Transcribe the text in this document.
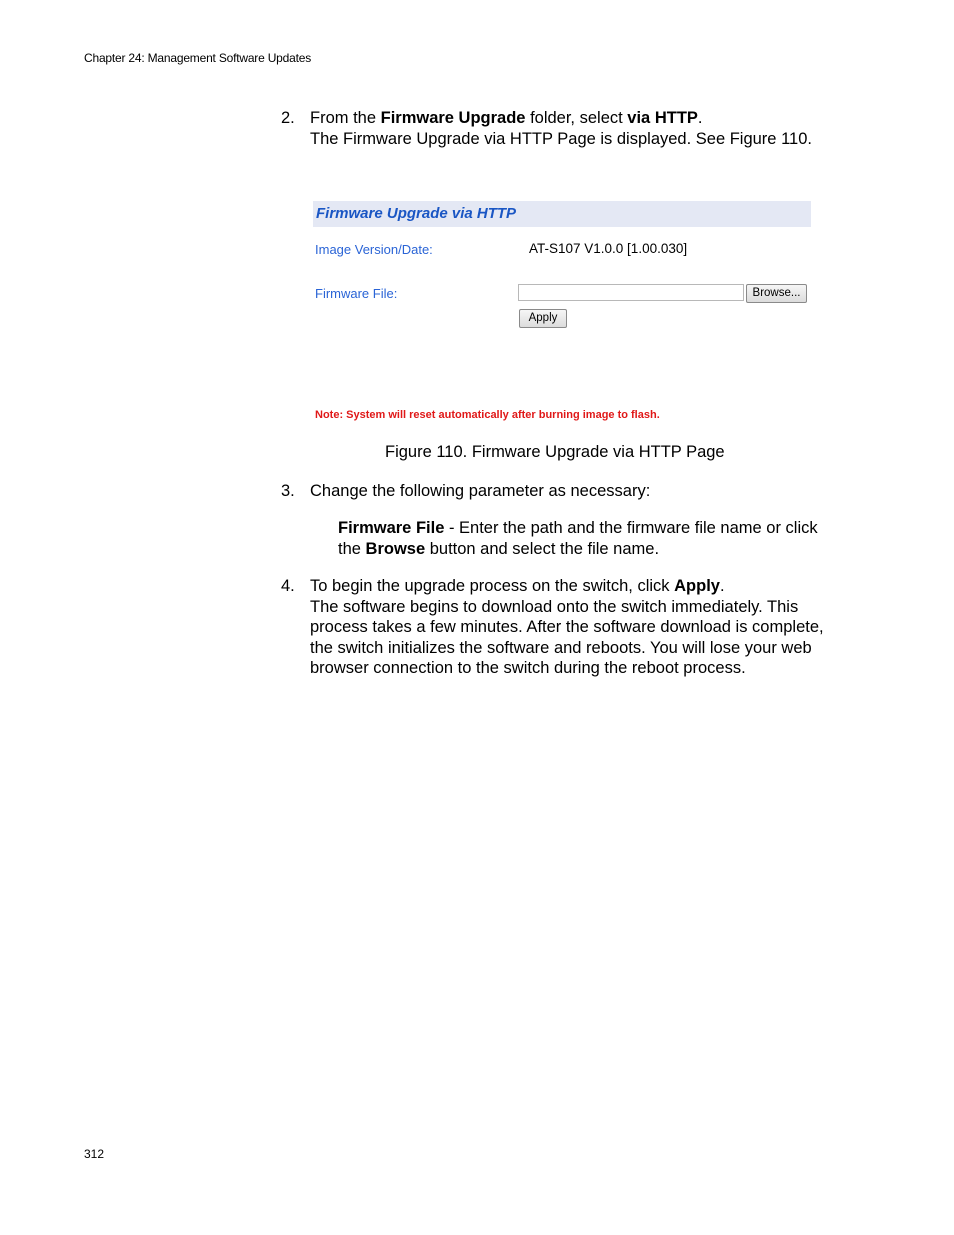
Chapter 24: Management Software Updates
2. From the Firmware Upgrade folder, select via HTTP.
The Firmware Upgrade via HTTP Page is displayed. See Figure 110.
Firmware Upgrade via HTTP
Image Version/Date:	AT-S107 V1.0.0 [1.00.030]
Firmware File:	Browse...
Apply
Note: System will reset automatically after burning image to flash.
Figure 110. Firmware Upgrade via HTTP Page
3. Change the following parameter as necessary:
Firmware File - Enter the path and the firmware file name or click
the Browse button and select the file name.
4. To begin the upgrade process on the switch, click Apply.
The software begins to download onto the switch immediately. This
process takes a few minutes. After the software download is complete,
the switch initializes the software and reboots. You will lose your web
browser connection to the switch during the reboot process.
312
